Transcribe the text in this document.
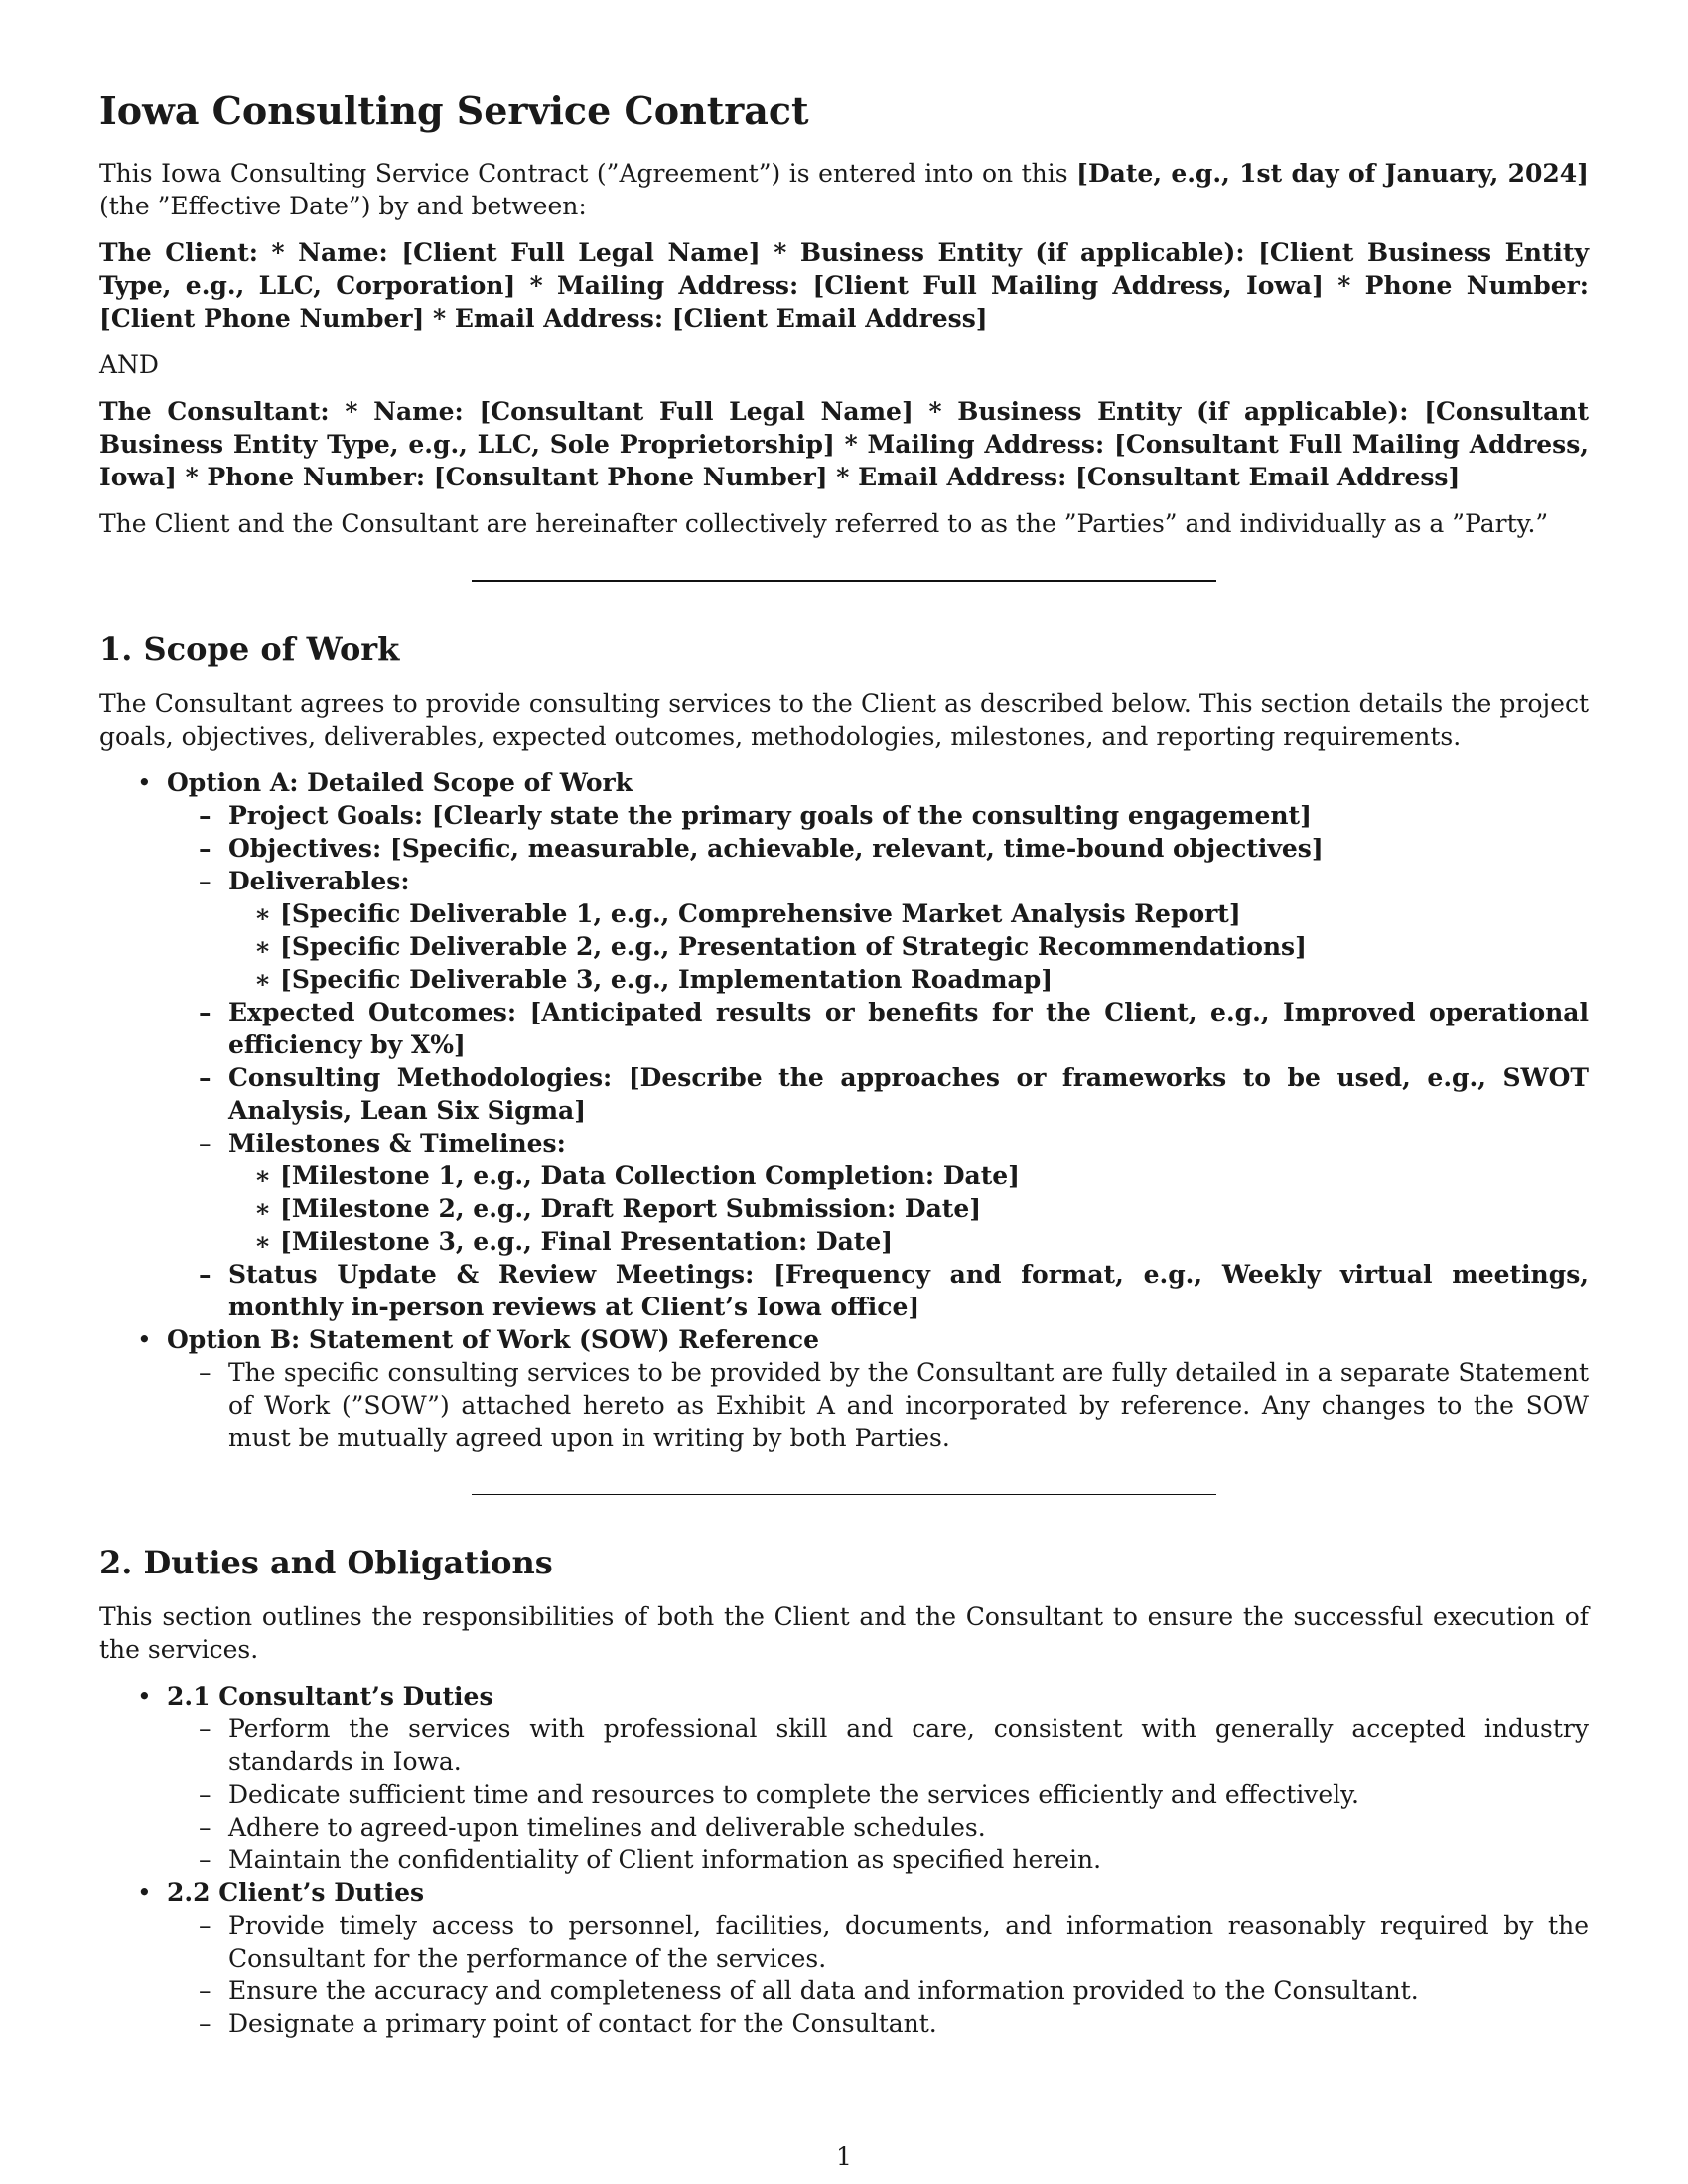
Iowa Consulting Service Contract

This Iowa Consulting Service Contract (”Agreement”) is entered into on this [Date, e.g., 1st day of January, 2024] (the ”Effective Date”) by and between:

The Client: * Name: [Client Full Legal Name] * Business Entity (if applicable): [Client Business Entity Type, e.g., LLC, Corporation] * Mailing Address: [Client Full Mailing Address, Iowa] * Phone Number: [Client Phone Number] * Email Address: [Client Email Address]

AND

The Consultant: * Name: [Consultant Full Legal Name] * Business Entity (if applicable): [Consultant Business Entity Type, e.g., LLC, Sole Proprietorship] * Mailing Address: [Consultant Full Mailing Address, Iowa] * Phone Number: [Consultant Phone Number] * Email Address: [Consultant Email Address]

The Client and the Consultant are hereinafter collectively referred to as the ”Parties” and individually as a ”Party.”

1. Scope of Work

The Consultant agrees to provide consulting services to the Client as described below. This section details the project goals, objectives, deliverables, expected outcomes, methodologies, milestones, and reporting requirements.

• Option A: Detailed Scope of Work
– Project Goals: [Clearly state the primary goals of the consulting engagement]
– Objectives: [Specific, measurable, achievable, relevant, time-bound objectives]
– Deliverables:
∗ [Specific Deliverable 1, e.g., Comprehensive Market Analysis Report]
∗ [Specific Deliverable 2, e.g., Presentation of Strategic Recommendations]
∗ [Specific Deliverable 3, e.g., Implementation Roadmap]
– Expected Outcomes: [Anticipated results or benefits for the Client, e.g., Improved operational efficiency by X%]
– Consulting Methodologies: [Describe the approaches or frameworks to be used, e.g., SWOT Analysis, Lean Six Sigma]
– Milestones & Timelines:
∗ [Milestone 1, e.g., Data Collection Completion: Date]
∗ [Milestone 2, e.g., Draft Report Submission: Date]
∗ [Milestone 3, e.g., Final Presentation: Date]
– Status Update & Review Meetings: [Frequency and format, e.g., Weekly virtual meetings, monthly in-person reviews at Client’s Iowa office]
• Option B: Statement of Work (SOW) Reference
– The specific consulting services to be provided by the Consultant are fully detailed in a separate Statement of Work (”SOW”) attached hereto as Exhibit A and incorporated by reference. Any changes to the SOW must be mutually agreed upon in writing by both Parties.
2. Duties and Obligations

This section outlines the responsibilities of both the Client and the Consultant to ensure the successful execution of the services.

• 2.1 Consultant’s Duties
– Perform the services with professional skill and care, consistent with generally accepted industry standards in Iowa.
– Dedicate sufficient time and resources to complete the services efficiently and effectively.
– Adhere to agreed-upon timelines and deliverable schedules.
– Maintain the confidentiality of Client information as specified herein.
• 2.2 Client’s Duties
– Provide timely access to personnel, facilities, documents, and information reasonably required by the Consultant for the performance of the services.
– Ensure the accuracy and completeness of all data and information provided to the Consultant.
– Designate a primary point of contact for the Consultant.
1
